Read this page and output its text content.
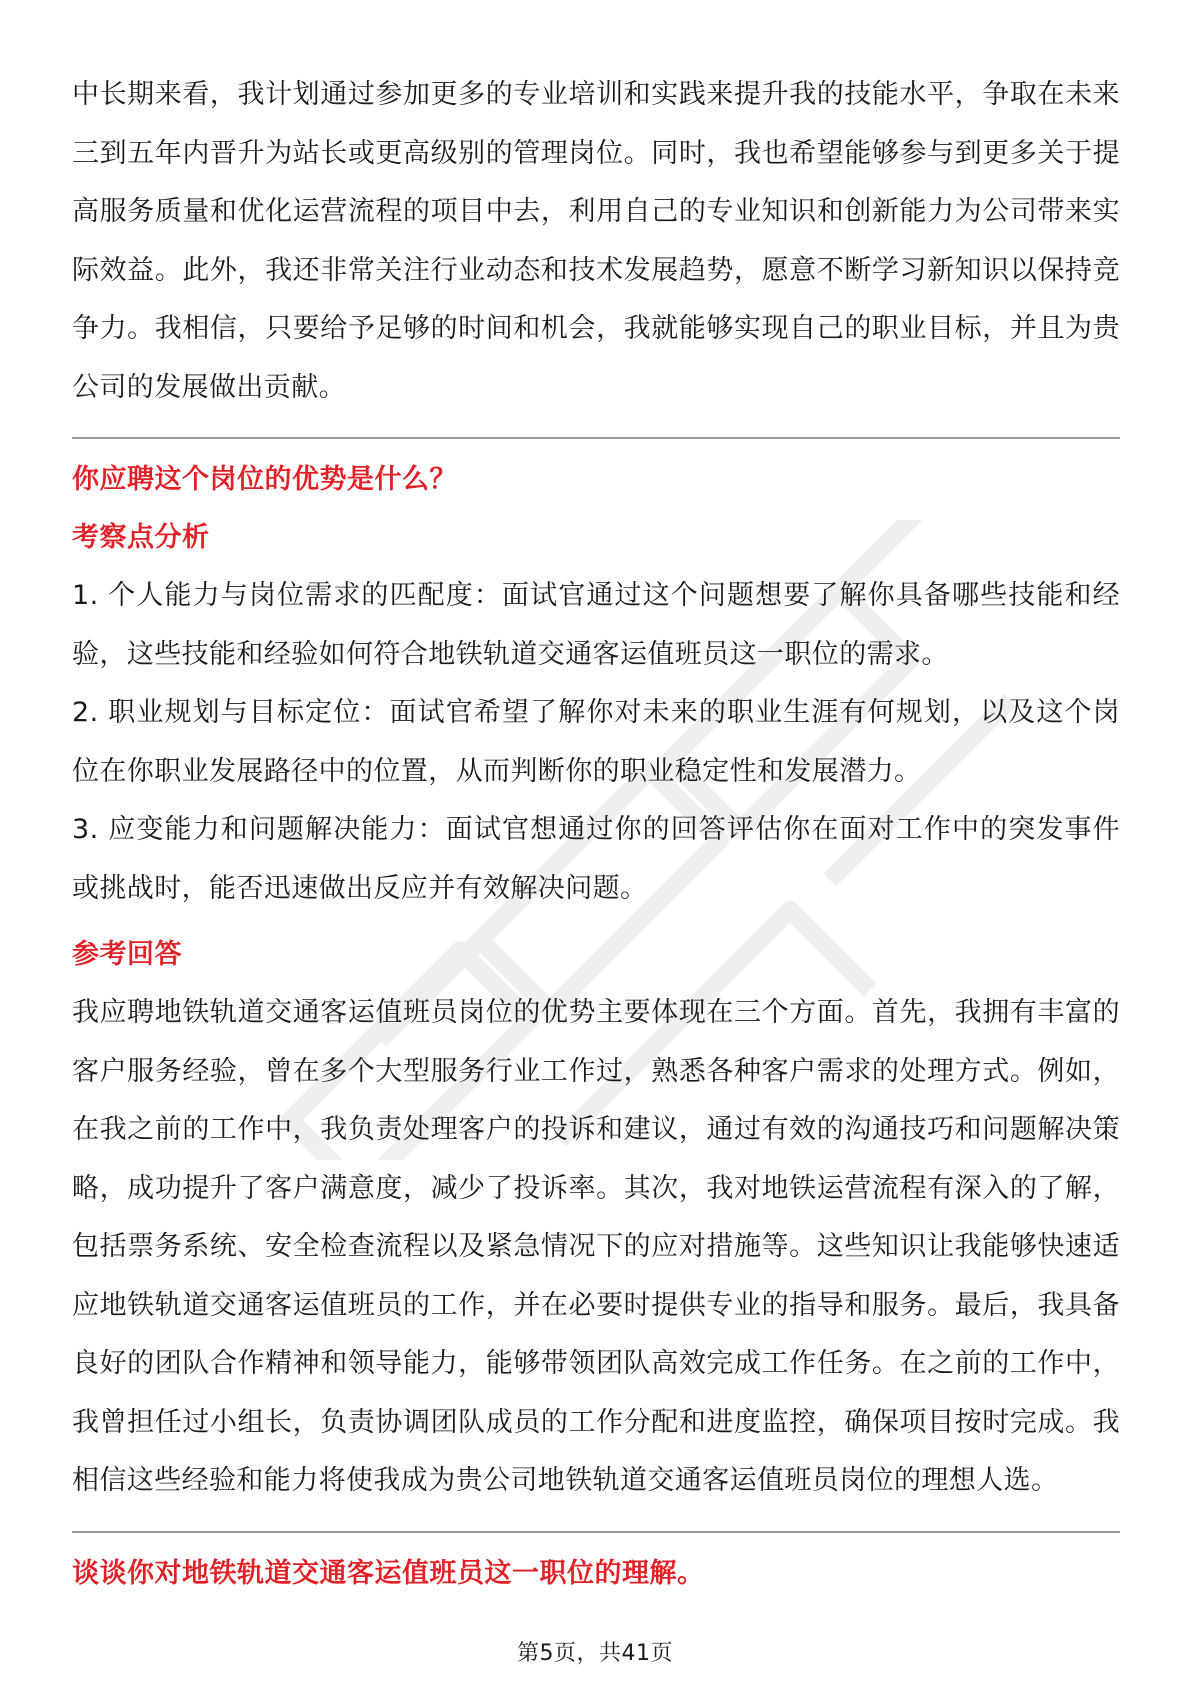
中长期来看，我计划通过参加更多的专业培训和实践来提升我的技能水平，争取在未来三到五年内晋升为站长或更高级别的管理岗位。同时，我也希望能够参与到更多关于提高服务质量和优化运营流程的项目中去，利用自己的专业知识和创新能力为公司带来实际效益。此外，我还非常关注行业动态和技术发展趋势，愿意不断学习新知识以保持竞争力。我相信，只要给予足够的时间和机会，我就能够实现自己的职业目标，并且为贵公司的发展做出贡献。

你应聘这个岗位的优势是什么？

考察点分析

1. 个人能力与岗位需求的匹配度：面试官通过这个问题想要了解你具备哪些技能和经验，这些技能和经验如何符合地铁轨道交通客运值班员这一职位的需求。

2. 职业规划与目标定位：面试官希望了解你对未来的职业生涯有何规划，以及这个岗位在你职业发展路径中的位置，从而判断你的职业稳定性和发展潜力。

3. 应变能力和问题解决能力：面试官想通过你的回答评估你在面对工作中的突发事件或挑战时，能否迅速做出反应并有效解决问题。

参考回答

我应聘地铁轨道交通客运值班员岗位的优势主要体现在三个方面。首先，我拥有丰富的客户服务经验，曾在多个大型服务行业工作过，熟悉各种客户需求的处理方式。例如，在我之前的工作中，我负责处理客户的投诉和建议，通过有效的沟通技巧和问题解决策略，成功提升了客户满意度，减少了投诉率。其次，我对地铁运营流程有深入的了解，包括票务系统、安全检查流程以及紧急情况下的应对措施等。这些知识让我能够快速适应地铁轨道交通客运值班员的工作，并在必要时提供专业的指导和服务。最后，我具备良好的团队合作精神和领导能力，能够带领团队高效完成工作任务。在之前的工作中，我曾担任过小组长，负责协调团队成员的工作分配和进度监控，确保项目按时完成。我相信这些经验和能力将使我成为贵公司地铁轨道交通客运值班员岗位的理想人选。

谈谈你对地铁轨道交通客运值班员这一职位的理解。

第5页，共41页
